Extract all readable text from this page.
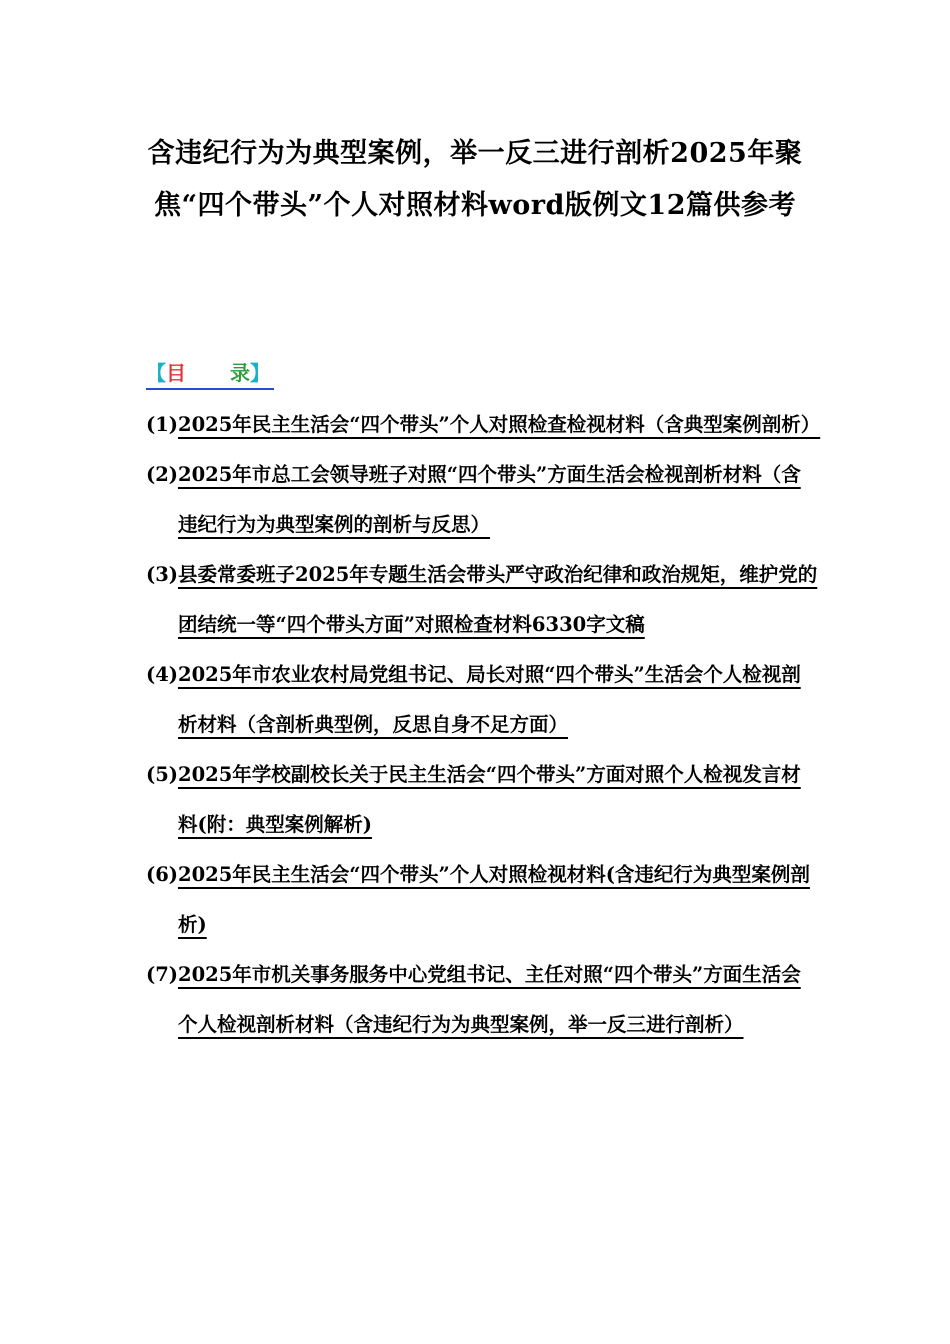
含违纪行为为典型案例，举一反三进行剖析2025年聚焦“四个带头”个人对照材料word版例文12篇供参考
【目 录】
(1) 2025年民主生活会“四个带头”个人对照检查检视材料（含典型案例剖析）
(2) 2025年市总工会领导班子对照“四个带头”方面生活会检视剖析材料（含违纪行为为典型案例的剖析与反思）
(3) 县委常委班子2025年专题生活会带头严守政治纪律和政治规矩，维护党的团结统一等“四个带头方面”对照检查材料6330字文稿
(4) 2025年市农业农村局党组书记、局长对照“四个带头”生活会个人检视剖析材料（含剖析典型例，反思自身不足方面）
(5) 2025年学校副校长关于民主生活会“四个带头”方面对照个人检视发言材料(附：典型案例解析)
(6) 2025年民主生活会“四个带头”个人对照检视材料(含违纪行为典型案例剖析)
(7) 2025年市机关事务服务中心党组书记、主任对照“四个带头”方面生活会个人检视剖析材料（含违纪行为为典型案例，举一反三进行剖析）
